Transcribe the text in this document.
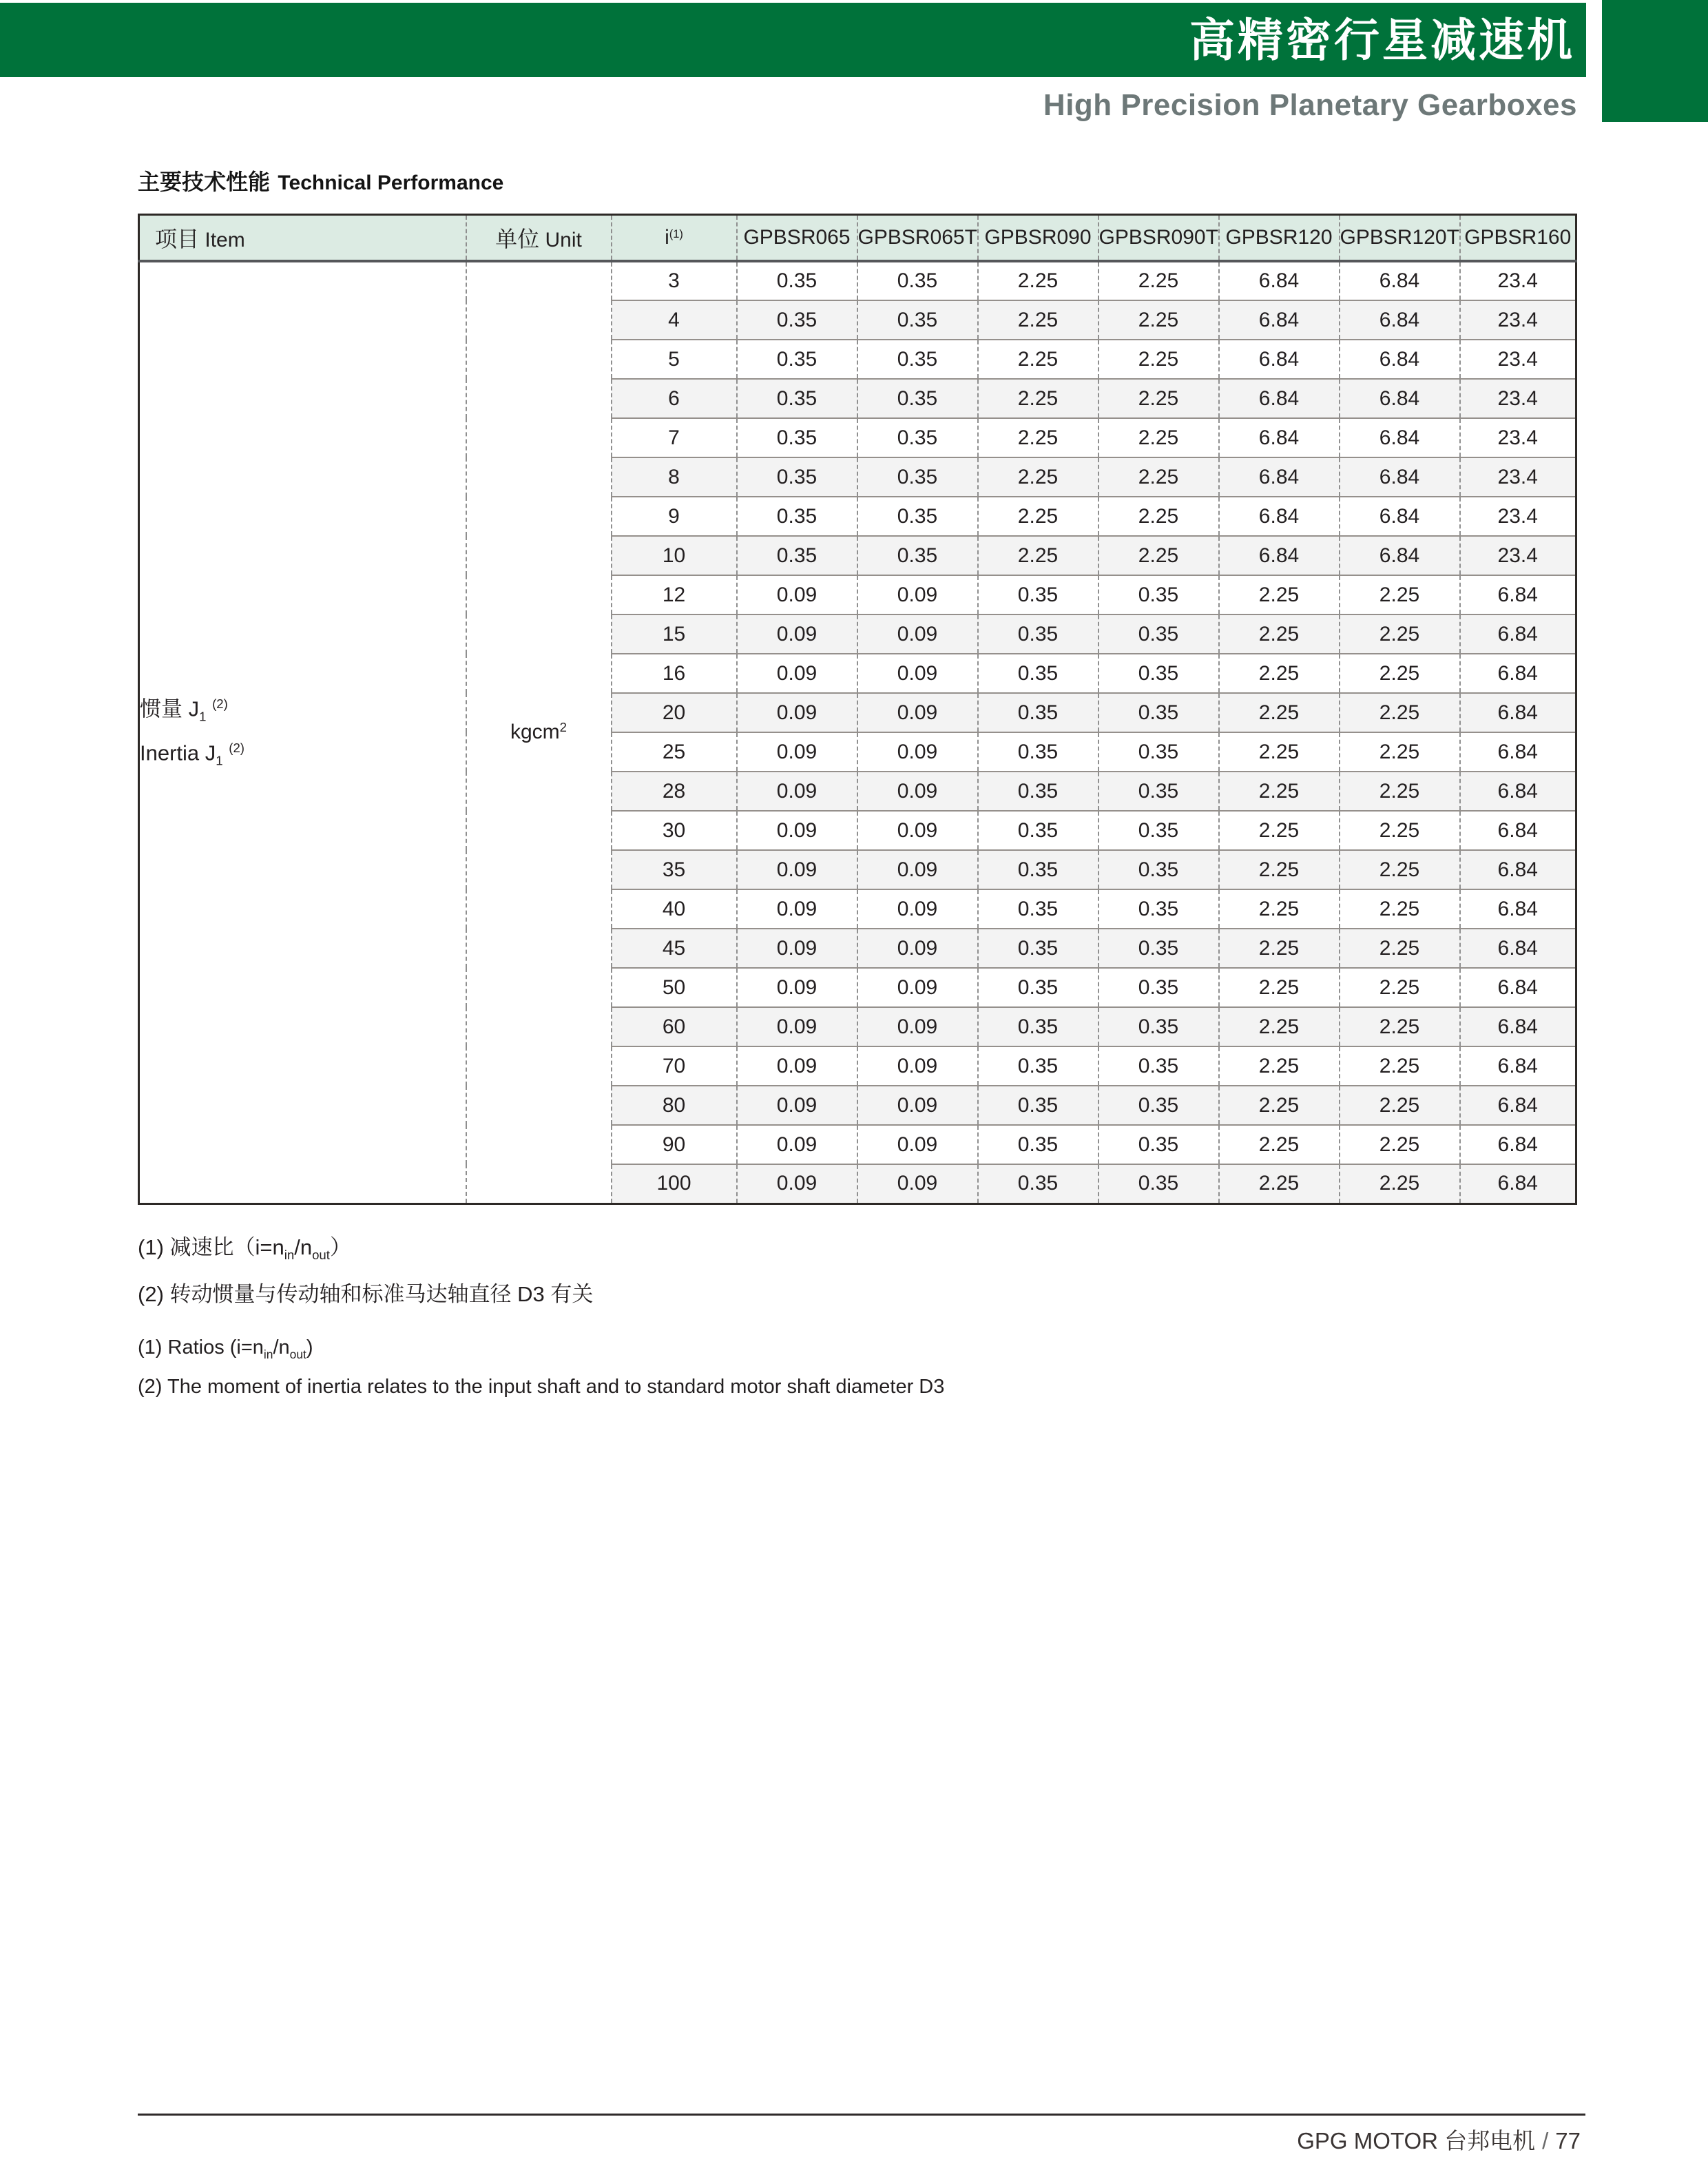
高精密行星减速机
High Precision Planetary Gearboxes
主要技术性能 Technical Performance
项目 Item	单位 Unit	$i^{(1)}$	GPBSR065	GPBSR065T	GPBSR090	GPBSR090T	GPBSR120	GPBSR120T	GPBSR160

惯量 $J_1$ $^{(2)}$
Inertia $J_1$ $^{(2)}$	kgcm$^2$	3	0.35	0.35	2.25	2.25	6.84	6.84	23.4
		4	0.35	0.35	2.25	2.25	6.84	6.84	23.4
		5	0.35	0.35	2.25	2.25	6.84	6.84	23.4
		6	0.35	0.35	2.25	2.25	6.84	6.84	23.4
		7	0.35	0.35	2.25	2.25	6.84	6.84	23.4
		8	0.35	0.35	2.25	2.25	6.84	6.84	23.4
		9	0.35	0.35	2.25	2.25	6.84	6.84	23.4
		10	0.35	0.35	2.25	2.25	6.84	6.84	23.4
		12	0.09	0.09	0.35	0.35	2.25	2.25	6.84
		15	0.09	0.09	0.35	0.35	2.25	2.25	6.84
		16	0.09	0.09	0.35	0.35	2.25	2.25	6.84
		20	0.09	0.09	0.35	0.35	2.25	2.25	6.84
		25	0.09	0.09	0.35	0.35	2.25	2.25	6.84
		28	0.09	0.09	0.35	0.35	2.25	2.25	6.84
		30	0.09	0.09	0.35	0.35	2.25	2.25	6.84
		35	0.09	0.09	0.35	0.35	2.25	2.25	6.84
		40	0.09	0.09	0.35	0.35	2.25	2.25	6.84
		45	0.09	0.09	0.35	0.35	2.25	2.25	6.84
		50	0.09	0.09	0.35	0.35	2.25	2.25	6.84
		60	0.09	0.09	0.35	0.35	2.25	2.25	6.84
		70	0.09	0.09	0.35	0.35	2.25	2.25	6.84
		80	0.09	0.09	0.35	0.35	2.25	2.25	6.84
		90	0.09	0.09	0.35	0.35	2.25	2.25	6.84
		100	0.09	0.09	0.35	0.35	2.25	2.25	6.84
(1) 减速比$(i=n_{in}/n_{out})$
(2) 转动惯量与传动轴和标准马达轴直径 D3 有关
(1) Ratios $(i=n_{in}/n_{out})$
(2) The moment of inertia relates to the input shaft and to standard motor shaft diameter D3
GPG MOTOR 台邦电机 / 77
